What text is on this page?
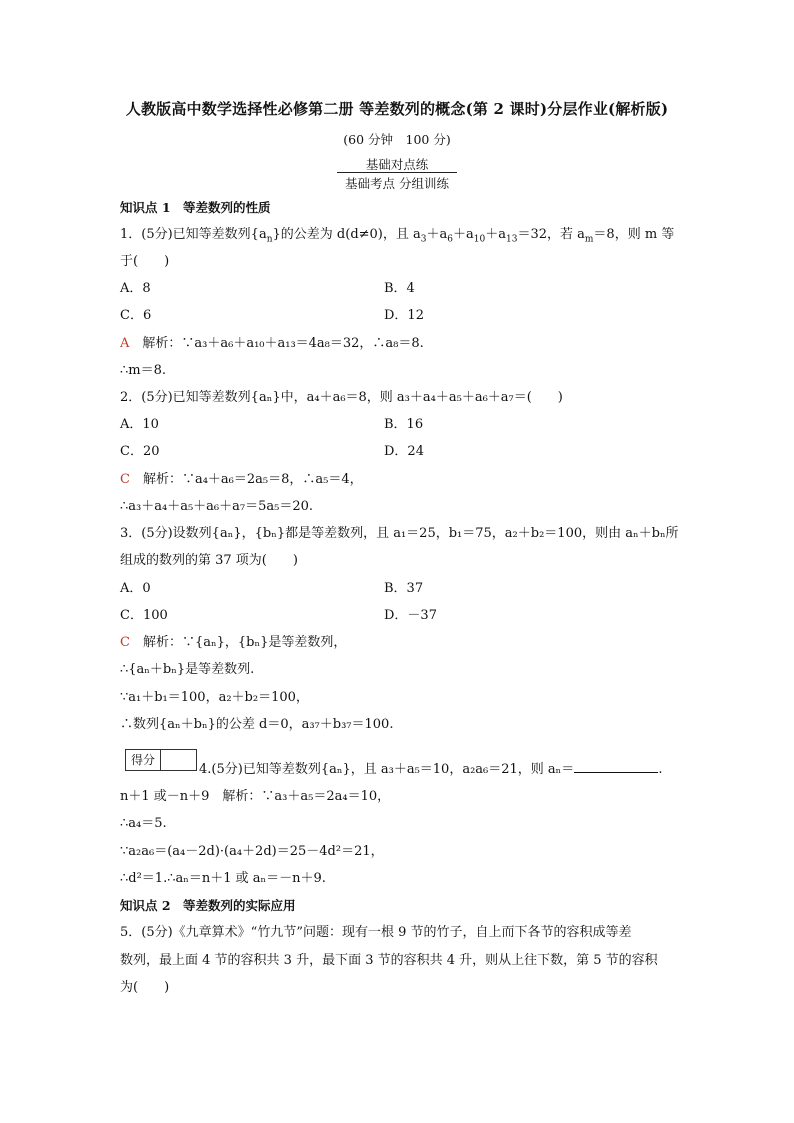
人教版高中数学选择性必修第二册 等差数列的概念(第 2 课时)分层作业(解析版)
(60 分钟　100 分)
基础对点练
基础考点 分组训练
知识点 1　等差数列的性质
1．(5分)已知等差数列$\{a_n\}$的公差为 d(d≠0)，且 $a_3+a_6+a_{10}+a_{13}=32$，若 $a_m=8$，则 m 等
于(　　)
A．8	B．4
C．6	D．12
A　解析：∵a₃＋a₆＋a₁₀＋a₁₃＝4a₈＝32，∴a₈＝8.
∴m＝8.
2．(5分)已知等差数列{aₙ}中，a₄＋a₆＝8，则 a₃＋a₄＋a₅＋a₆＋a₇＝(　　)
A．10	B．16
C．20	D．24
C　解析：∵a₄＋a₆＝2a₅＝8，∴a₅＝4，
∴a₃＋a₄＋a₅＋a₆＋a₇＝5a₅＝20.
3．(5分)设数列{aₙ}，{bₙ}都是等差数列，且 a₁＝25，b₁＝75，a₂＋b₂＝100，则由 aₙ＋bₙ所
组成的数列的第 37 项为(　　)
A．0	B．37
C．100	D．－37
C　解析：∵{aₙ}，{bₙ}是等差数列，
∴{aₙ＋bₙ}是等差数列.
∵a₁＋b₁＝100，a₂＋b₂＝100，
∴数列{aₙ＋bₙ}的公差 d＝0，a₃₇＋b₃₇＝100.
得分
4.(5分)已知等差数列{aₙ}，且 a₃＋a₅＝10，a₂a₆＝21，则 aₙ＝	.
n＋1 或－n＋9　解析：∵a₃＋a₅＝2a₄＝10，
∴a₄＝5.
∵a₂a₆＝(a₄－2d)·(a₄＋2d)＝25－4d²＝21，
∴d²＝1.∴aₙ＝n＋1 或 aₙ＝－n＋9.
知识点 2　等差数列的实际应用
5．(5分)《九章算术》“竹九节”问题：现有一根 9 节的竹子，自上而下各节的容积成等差
数列，最上面 4 节的容积共 3 升，最下面 3 节的容积共 4 升，则从上往下数，第 5 节的容积
为(　　)
